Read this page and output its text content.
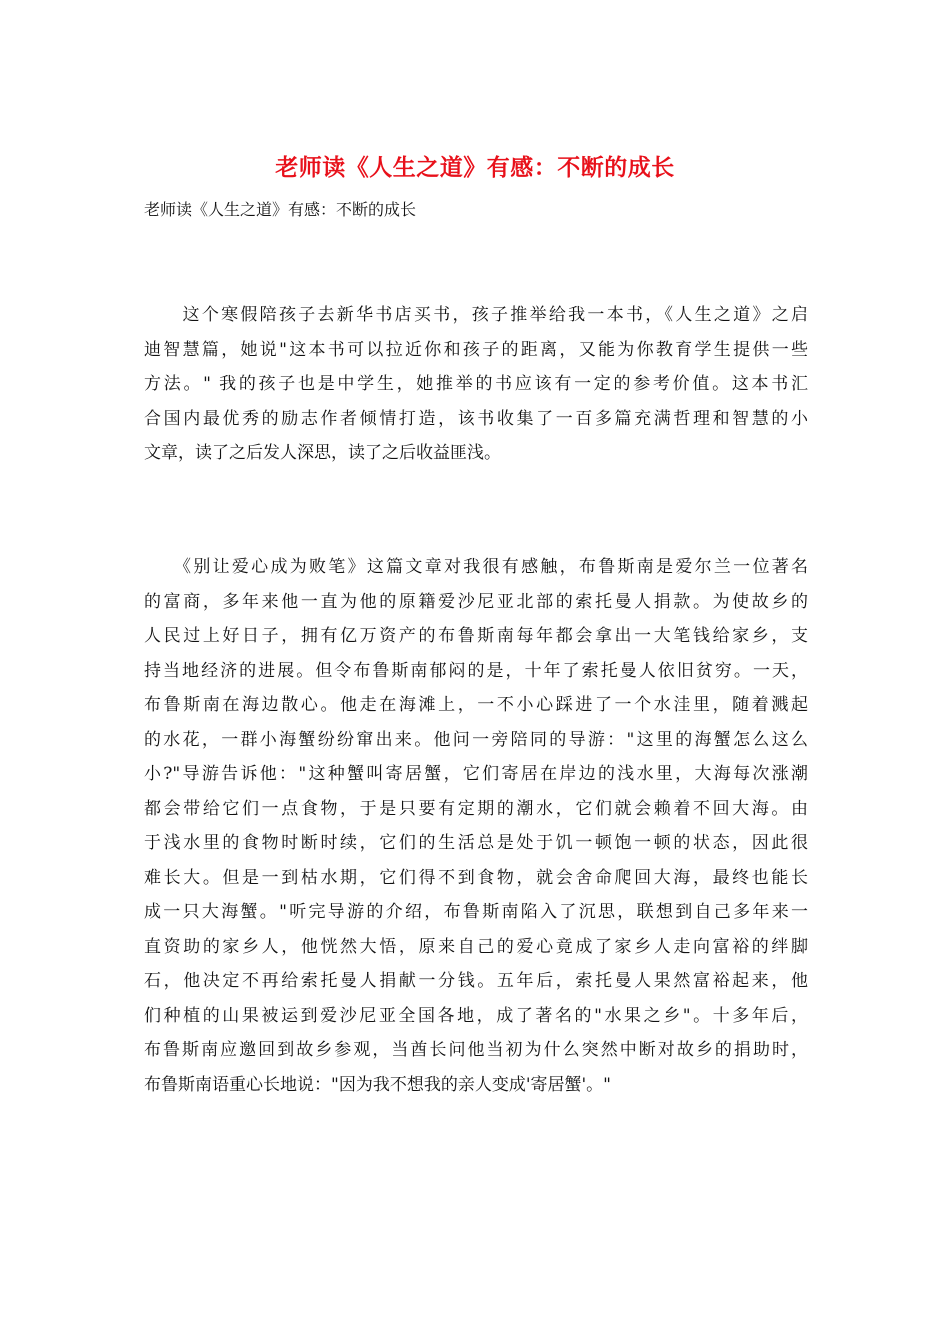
老师读《人生之道》有感：不断的成长
老师读《人生之道》有感：不断的成长
　　这个寒假陪孩子去新华书店买书，孩子推举给我一本书，《人生之道》之启
迪智慧篇，她说"这本书可以拉近你和孩子的距离，又能为你教育学生提供一些
方法。" 我的孩子也是中学生，她推举的书应该有一定的参考价值。这本书汇
合国内最优秀的励志作者倾情打造，该书收集了一百多篇充满哲理和智慧的小
文章，读了之后发人深思，读了之后收益匪浅。
　　《别让爱心成为败笔》这篇文章对我很有感触，布鲁斯南是爱尔兰一位著名
的富商，多年来他一直为他的原籍爱沙尼亚北部的索托曼人捐款。为使故乡的
人民过上好日子，拥有亿万资产的布鲁斯南每年都会拿出一大笔钱给家乡，支
持当地经济的进展。但令布鲁斯南郁闷的是，十年了索托曼人依旧贫穷。一天，
布鲁斯南在海边散心。他走在海滩上，一不小心踩进了一个水洼里，随着溅起
的水花，一群小海蟹纷纷窜出来。他问一旁陪同的导游："这里的海蟹怎么这么
小?"导游告诉他："这种蟹叫寄居蟹，它们寄居在岸边的浅水里，大海每次涨潮
都会带给它们一点食物，于是只要有定期的潮水，它们就会赖着不回大海。由
于浅水里的食物时断时续，它们的生活总是处于饥一顿饱一顿的状态，因此很
难长大。但是一到枯水期，它们得不到食物，就会舍命爬回大海，最终也能长
成一只大海蟹。"听完导游的介绍，布鲁斯南陷入了沉思，联想到自己多年来一
直资助的家乡人，他恍然大悟，原来自己的爱心竟成了家乡人走向富裕的绊脚
石，他决定不再给索托曼人捐献一分钱。五年后，索托曼人果然富裕起来，他
们种植的山果被运到爱沙尼亚全国各地，成了著名的"水果之乡"。十多年后，
布鲁斯南应邀回到故乡参观，当酋长问他当初为什么突然中断对故乡的捐助时，
布鲁斯南语重心长地说："因为我不想我的亲人变成'寄居蟹'。"
